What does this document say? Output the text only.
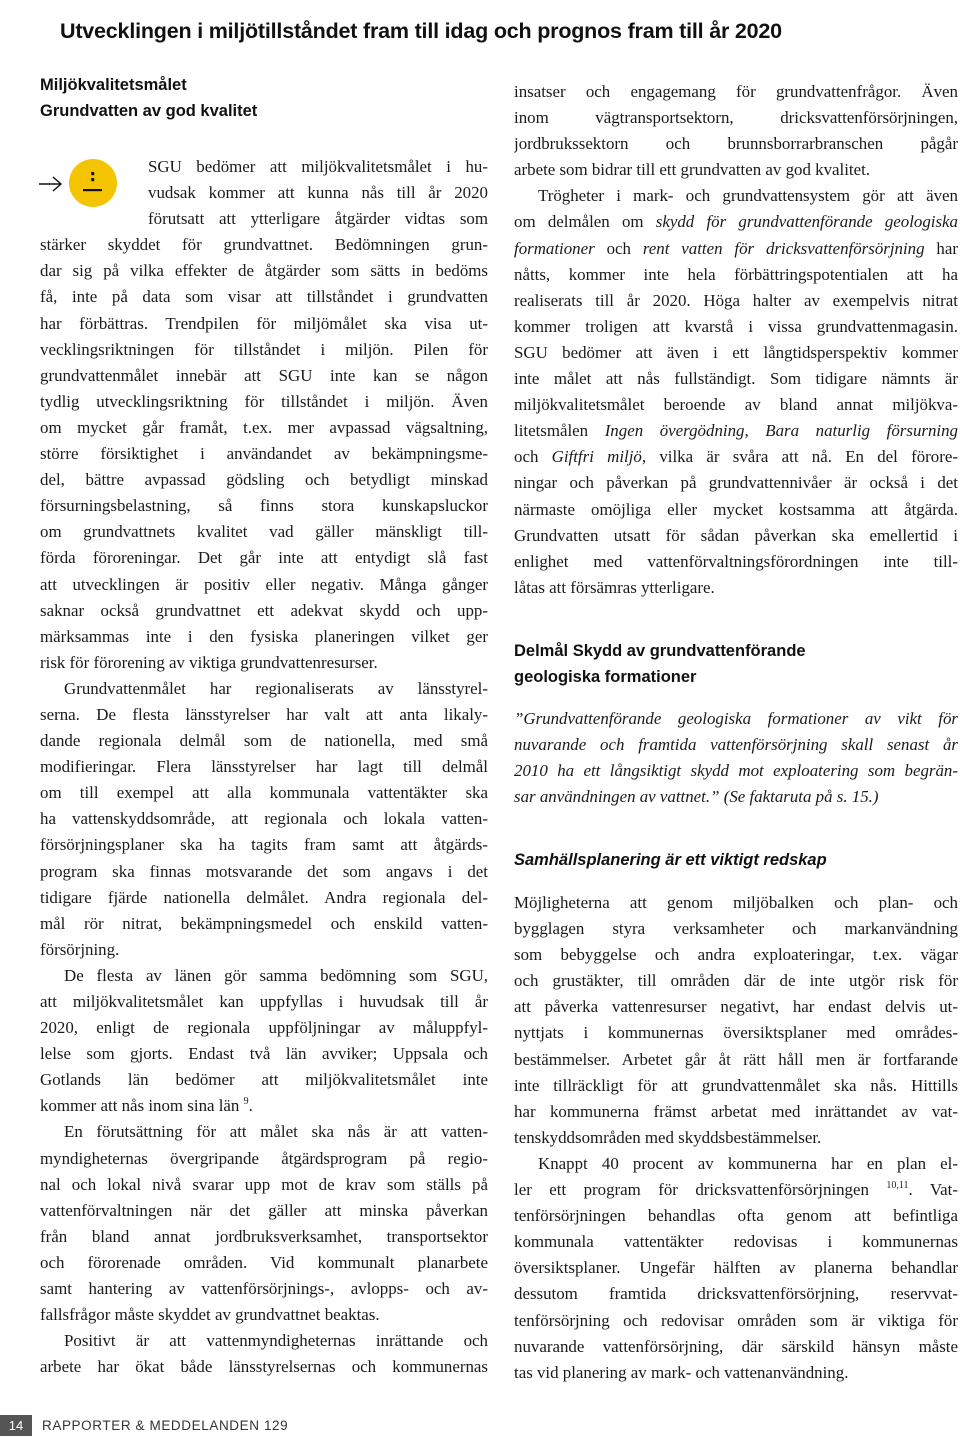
Utvecklingen i miljötillståndet fram till idag och prognos fram till år 2020
Miljökvalitetsmålet
Grundvatten av god kvalitet
SGU bedömer att miljökvalitetsmålet i hu-
vudsak kommer att kunna nås till år 2020
förutsatt att ytterligare åtgärder vidtas som
stärker skyddet för grundvattnet. Bedömningen grun-
dar sig på vilka effekter de åtgärder som sätts in bedöms
få, inte på data som visar att tillståndet i grundvatten
har förbättras. Trendpilen för miljömålet ska visa ut-
vecklingsriktningen för tillståndet i miljön. Pilen för
grundvattenmålet innebär att SGU inte kan se någon
tydlig utvecklingsriktning för tillståndet i miljön. Även
om mycket går framåt, t.ex. mer avpassad vägsaltning,
större försiktighet i användandet av bekämpningsme-
del, bättre avpassad gödsling och betydligt minskad
försurningsbelastning, så finns stora kunskapsluckor
om grundvattnets kvalitet vad gäller mänskligt till-
förda föroreningar. Det går inte att entydigt slå fast
att utvecklingen är positiv eller negativ. Många gånger
saknar också grundvattnet ett adekvat skydd och upp-
märksammas inte i den fysiska planeringen vilket ger
risk för förorening av viktiga grundvattenresurser.
Grundvattenmålet har regionaliserats av länsstyrel-
serna. De flesta länsstyrelser har valt att anta likaly-
dande regionala delmål som de nationella, med små
modifieringar. Flera länsstyrelser har lagt till delmål
om till exempel att alla kommunala vattentäkter ska
ha vattenskyddsområde, att regionala och lokala vatten-
försörjningsplaner ska ha tagits fram samt att åtgärds-
program ska finnas motsvarande det som angavs i det
tidigare fjärde nationella delmålet. Andra regionala del-
mål rör nitrat, bekämpningsmedel och enskild vatten-
försörjning.
De flesta av länen gör samma bedömning som SGU,
att miljökvalitetsmålet kan uppfyllas i huvudsak till år
2020, enligt de regionala uppföljningar av måluppfyl-
lelse som gjorts. Endast två län avviker; Uppsala och
Gotlands län bedömer att miljökvalitetsmålet inte
kommer att nås inom sina län $^9$.
En förutsättning för att målet ska nås är att vatten-
myndigheternas övergripande åtgärdsprogram på regio-
nal och lokal nivå svarar upp mot de krav som ställs på
vattenförvaltningen när det gäller att minska påverkan
från bland annat jordbruksverksamhet, transportsektor
och förorenade områden. Vid kommunalt planarbete
samt hantering av vattenförsörjnings-, avlopps- och av-
fallsfrågor måste skyddet av grundvattnet beaktas.
Positivt är att vattenmyndigheternas inrättande och
arbete har ökat både länsstyrelsernas och kommunernas
insatser och engagemang för grundvattenfrågor. Även
inom vägtransportsektorn, dricksvattenförsörjningen,
jordbrukssektorn och brunnsborrarbranschen pågår
arbete som bidrar till ett grundvatten av god kvalitet.
Trögheter i mark- och grundvattensystem gör att även
om delmålen om skydd för grundvattenförande geologiska
formationer och rent vatten för dricksvattenförsörjning har
nåtts, kommer inte hela förbättringspotentialen att ha
realiserats till år 2020. Höga halter av exempelvis nitrat
kommer troligen att kvarstå i vissa grundvattenmagasin.
SGU bedömer att även i ett långtidsperspektiv kommer
inte målet att nås fullständigt. Som tidigare nämnts är
miljökvalitetsmålet beroende av bland annat miljökva-
litetsmålen Ingen övergödning, Bara naturlig försurning
och Giftfri miljö, vilka är svåra att nå. En del förore-
ningar och påverkan på grundvattennivåer är också i det
närmaste omöjliga eller mycket kostsamma att åtgärda.
Grundvatten utsatt för sådan påverkan ska emellertid i
enlighet med vattenförvaltningsförordningen inte till-
låtas att försämras ytterligare.
Delmål Skydd av grundvattenförande
geologiska formationer
”Grundvattenförande geologiska formationer av vikt för
nuvarande och framtida vattenförsörjning skall senast år
2010 ha ett långsiktigt skydd mot exploatering som begrän-
sar användningen av vattnet.” (Se faktaruta på s. 15.)
Samhällsplanering är ett viktigt redskap
Möjligheterna att genom miljöbalken och plan- och
bygglagen styra verksamheter och markanvändning
som bebyggelse och andra exploateringar, t.ex. vägar
och grustäkter, till områden där de inte utgör risk för
att påverka vattenresurser negativt, har endast delvis ut-
nyttjats i kommunernas översiktsplaner med områdes-
bestämmelser. Arbetet går åt rätt håll men är fortfarande
inte tillräckligt för att grundvattenmålet ska nås. Hittills
har kommunerna främst arbetat med inrättandet av vat-
tenskyddsområden med skyddsbestämmelser.
Knappt 40 procent av kommunerna har en plan el-
ler ett program för dricksvattenförsörjningen $^{10,11}$. Vat-
tenförsörjningen behandlas ofta genom att befintliga
kommunala vattentäkter redovisas i kommunernas
översiktsplaner. Ungefär hälften av planerna behandlar
dessutom framtida dricksvattenförsörjning, reservvat-
tenförsörjning och redovisar områden som är viktiga för
nuvarande vattenförsörjning, där särskild hänsyn måste
tas vid planering av mark- och vattenanvändning.
14	RAPPORTER & MEDDELANDEN 129
